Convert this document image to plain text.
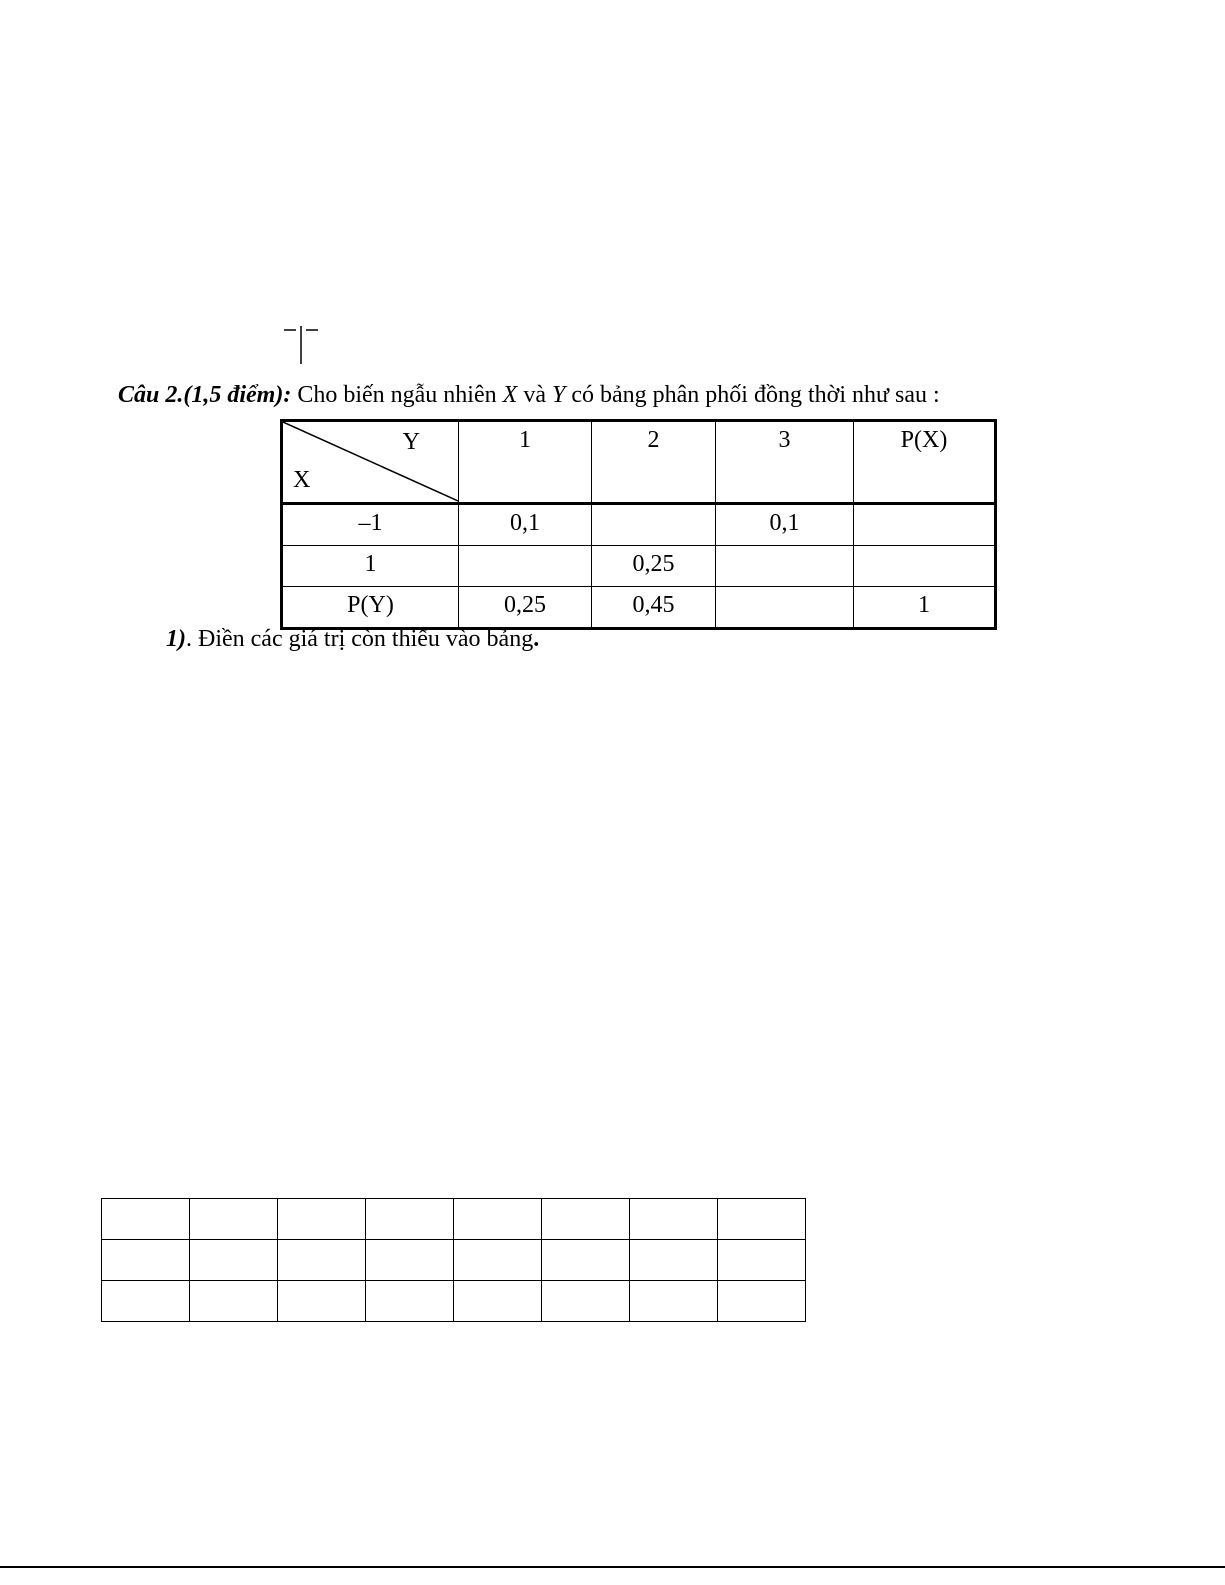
Câu 2.(1,5 điểm): Cho biến ngẫu nhiên X và Y có bảng phân phối đồng thời như sau :
Y
X	1	2	3	P(X)
–1	0,1		0,1	
1		0,25		
P(Y)	0,25	0,45		1
1). Điền các giá trị còn thiếu vào bảng.
